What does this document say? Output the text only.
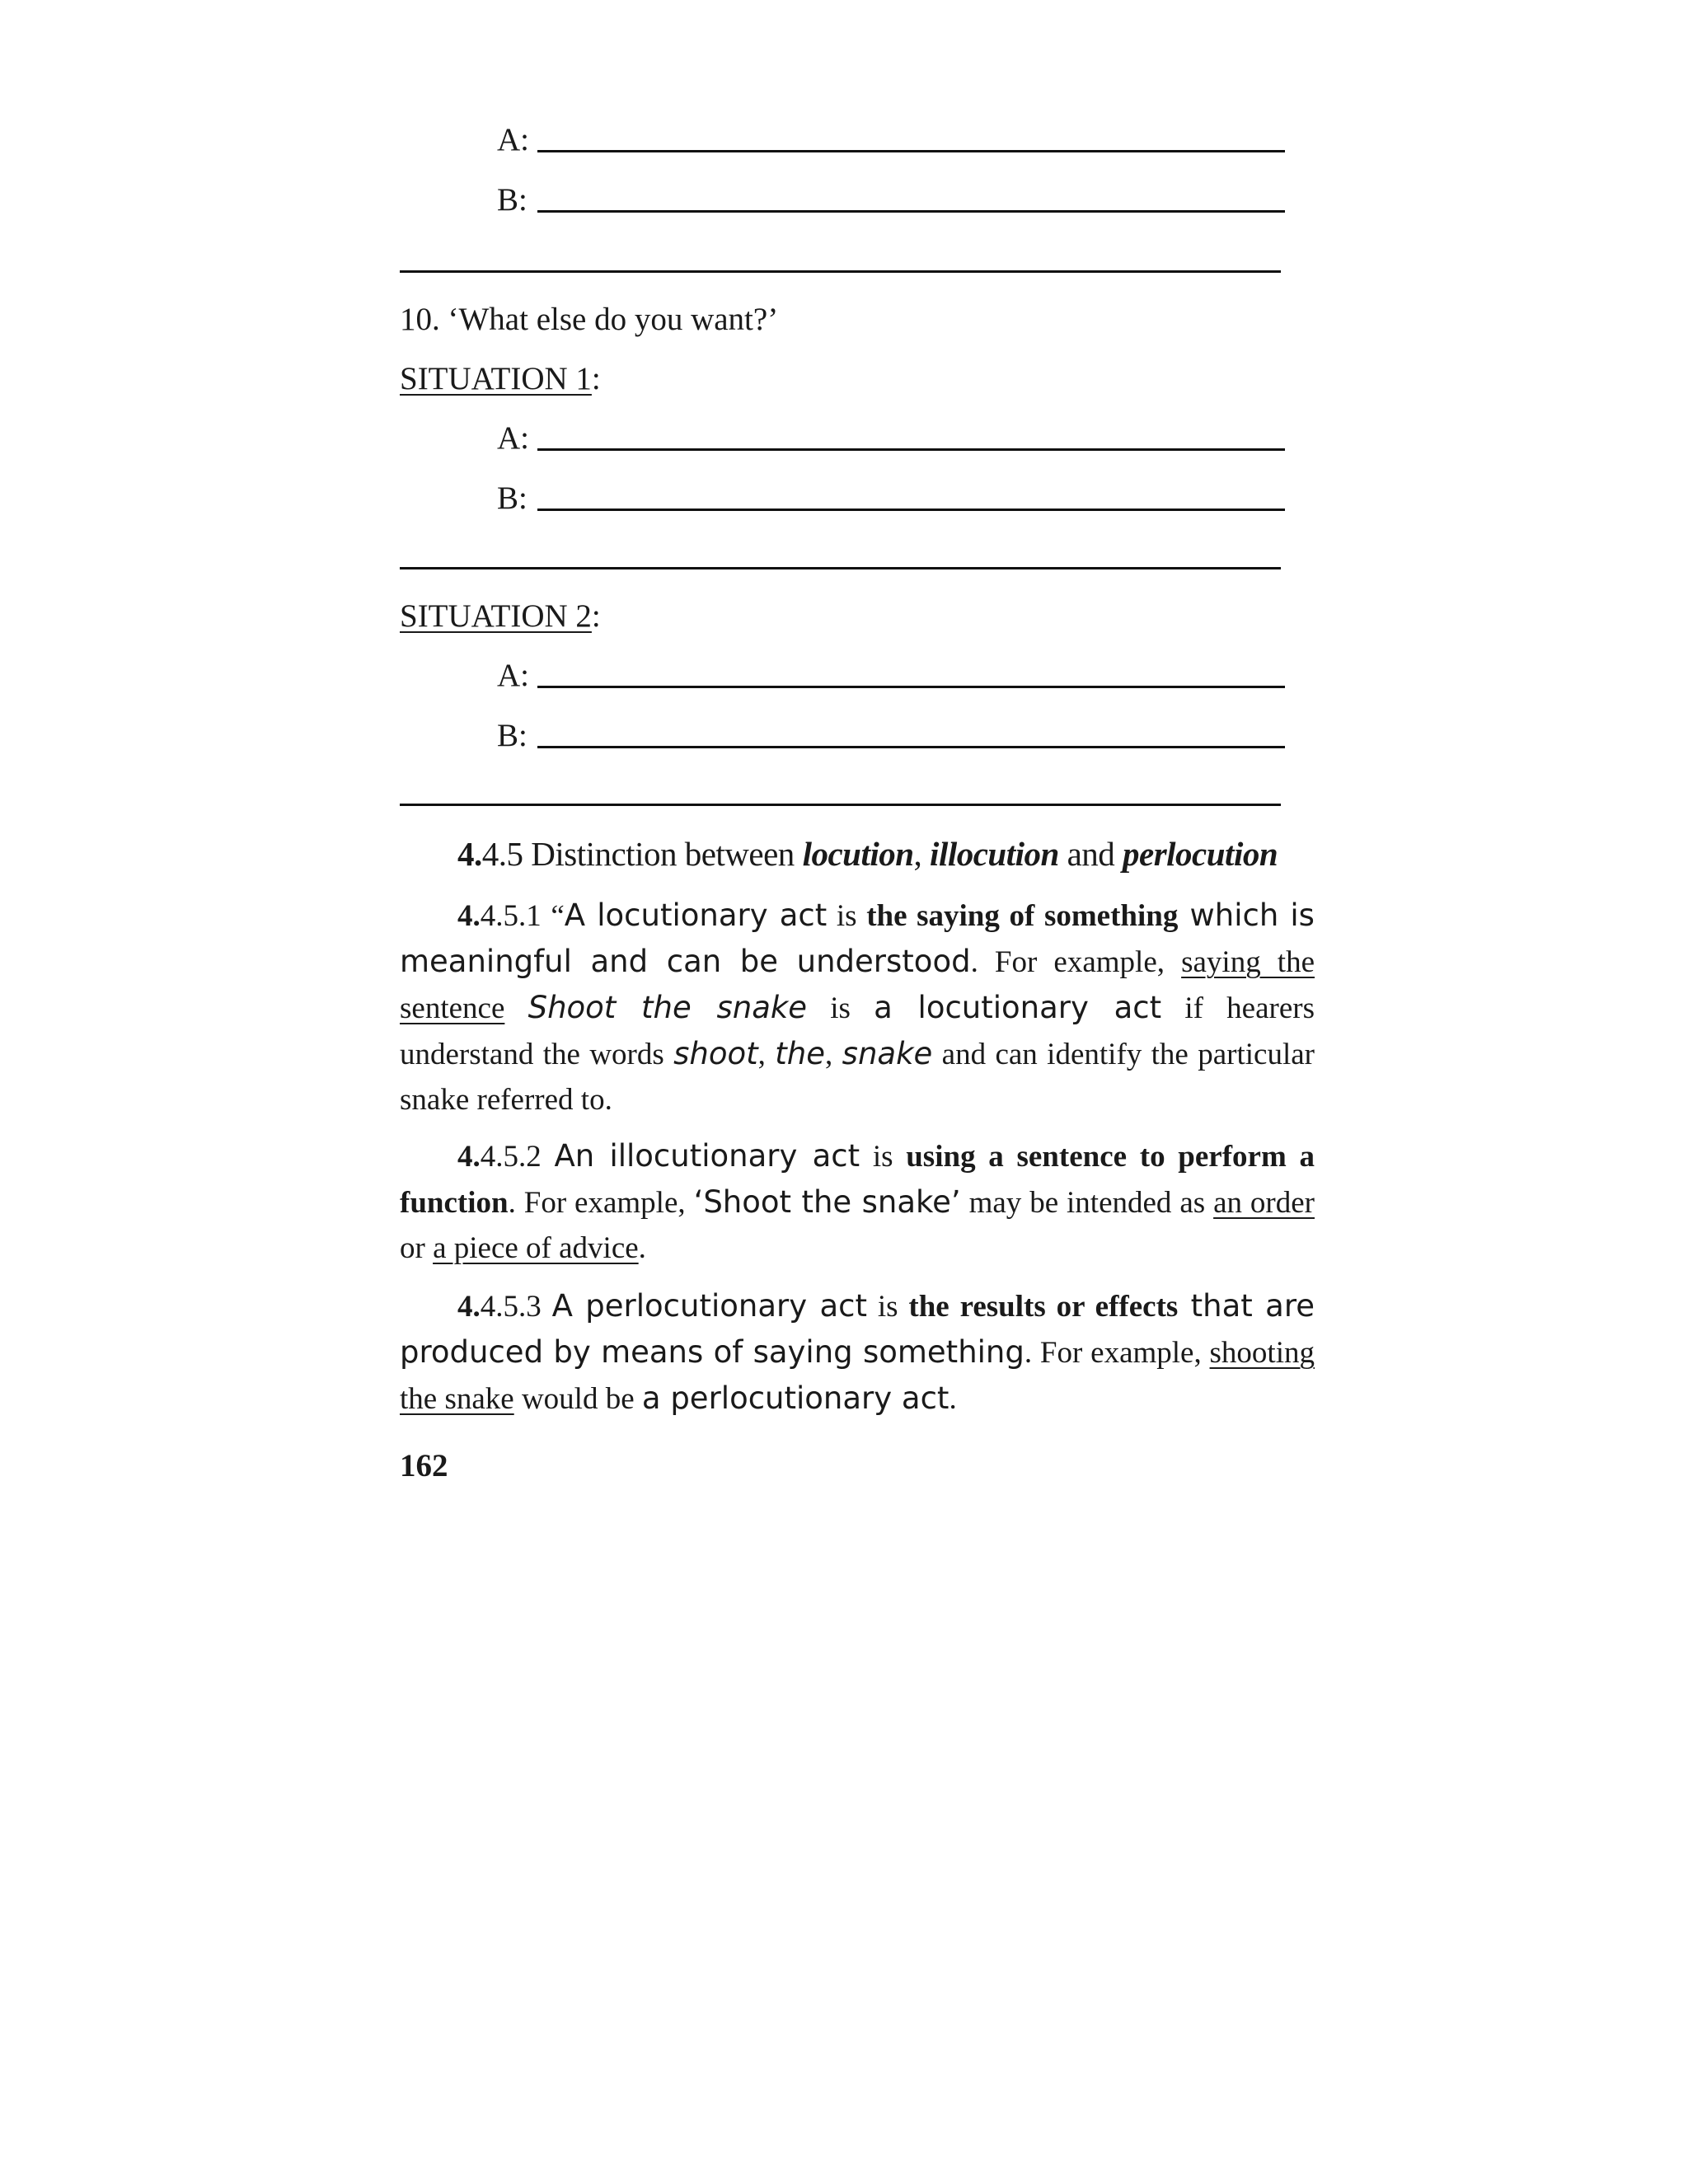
A:
B:
10. ‘What else do you want?’
SITUATION 1:
A:
B:
SITUATION 2:
A:
B:
4.4.5 Distinction between locution, illocution and perlocution
4.4.5.1 “A locutionary act is the saying of something which is meaningful and can be understood. For example, saying the sentence Shoot the snake is a locutionary act if hearers understand the words shoot, the, snake and can identify the particular snake referred to.
4.4.5.2 An illocutionary act is using a sentence to perform a function. For example, ‘Shoot the snake’ may be intended as an order or a piece of advice.
4.4.5.3 A perlocutionary act is the results or effects that are produced by means of saying something. For example, shooting the snake would be a perlocutionary act.
162
